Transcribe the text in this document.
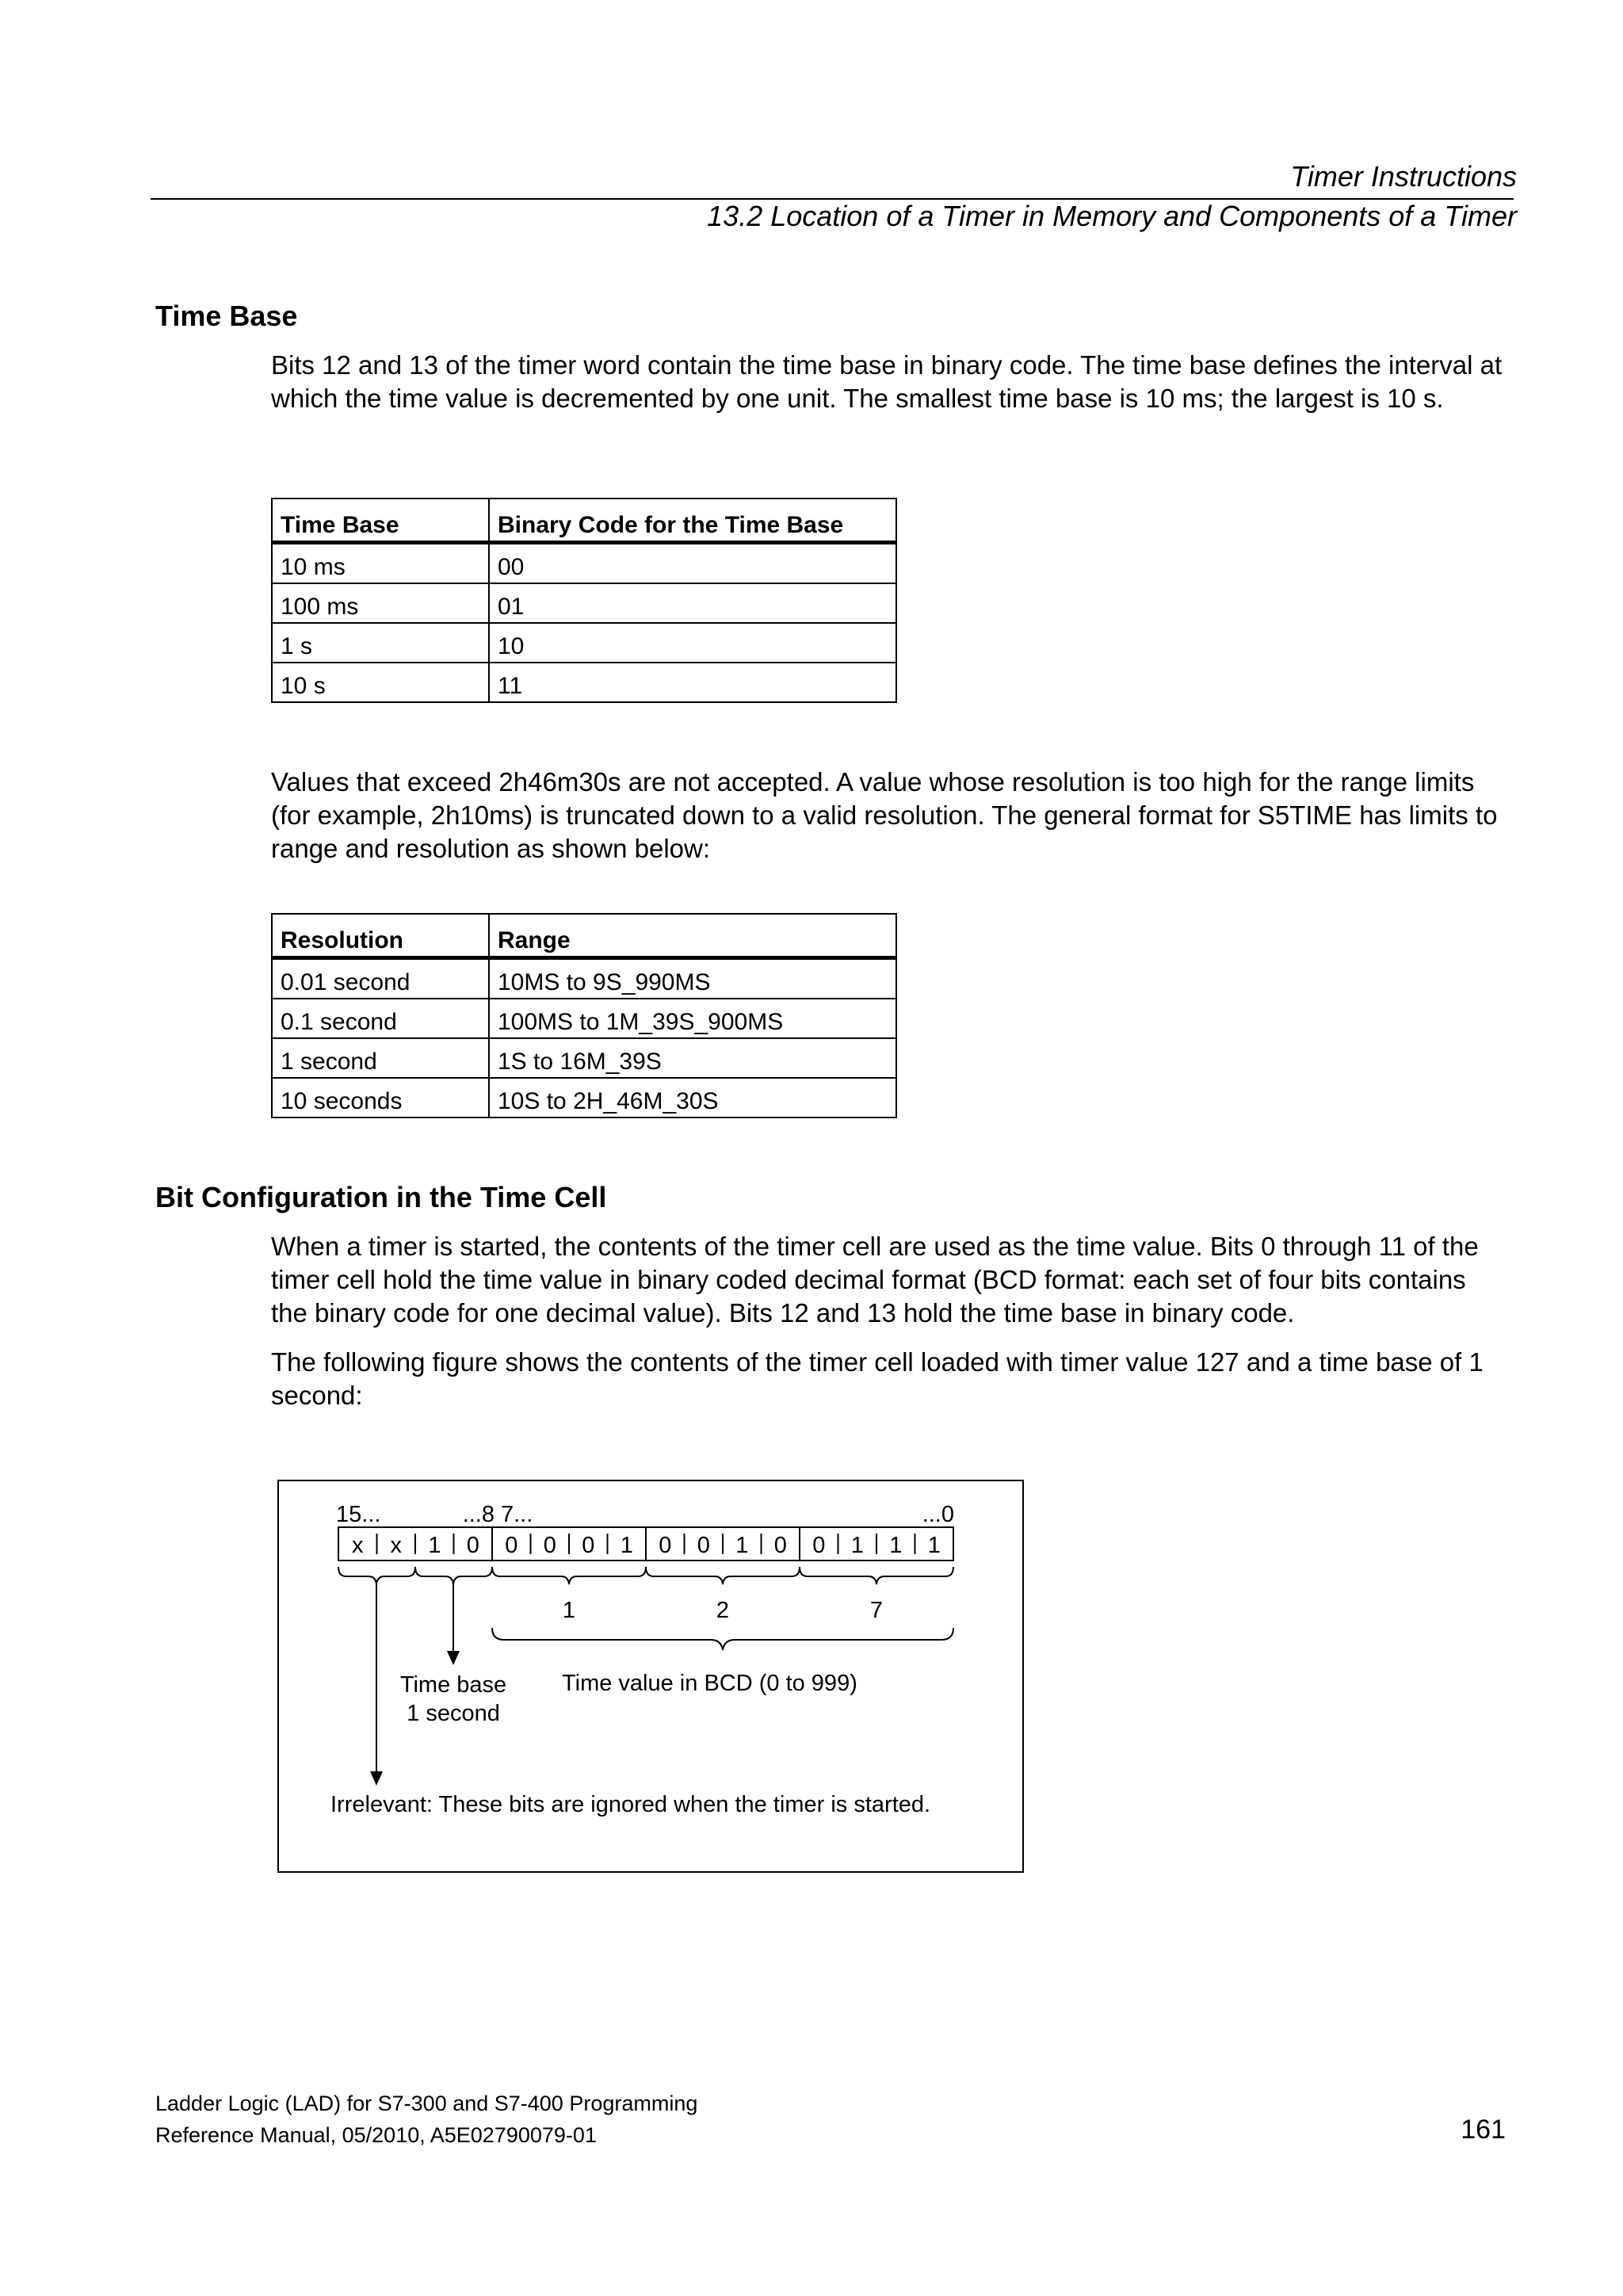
Timer Instructions
13.2 Location of a Timer in Memory and Components of a Timer
Time Base
Bits 12 and 13 of the timer word contain the time base in binary code. The time base defines the interval at which the time value is decremented by one unit. The smallest time base is 10 ms; the largest is 10 s.
Time Base	Binary Code for the Time Base
10 ms	00
100 ms	01
1 s	10
10 s	11
Values that exceed 2h46m30s are not accepted. A value whose resolution is too high for the range limits (for example, 2h10ms) is truncated down to a valid resolution. The general format for S5TIME has limits to range and resolution as shown below:
Resolution	Range
0.01 second	10MS to 9S_990MS
0.1 second	100MS to 1M_39S_900MS
1 second	1S to 16M_39S
10 seconds	10S to 2H_46M_30S
Bit Configuration in the Time Cell
When a timer is started, the contents of the timer cell are used as the time value. Bits 0 through 11 of the timer cell hold the time value in binary coded decimal format (BCD format: each set of four bits contains the binary code for one decimal value). Bits 12 and 13 hold the time base in binary code.
The following figure shows the contents of the timer cell loaded with timer value 127 and a time base of 1 second:
15...	...8 7...	...0
x x 1 0 0 0 0 1 0 0 1 0 0 1 1 1
1	2	7
Time base
1 second
Time value in BCD (0 to 999)
Irrelevant: These bits are ignored when the timer is started.
Ladder Logic (LAD) for S7-300 and S7-400 Programming
Reference Manual, 05/2010, A5E02790079-01	161
